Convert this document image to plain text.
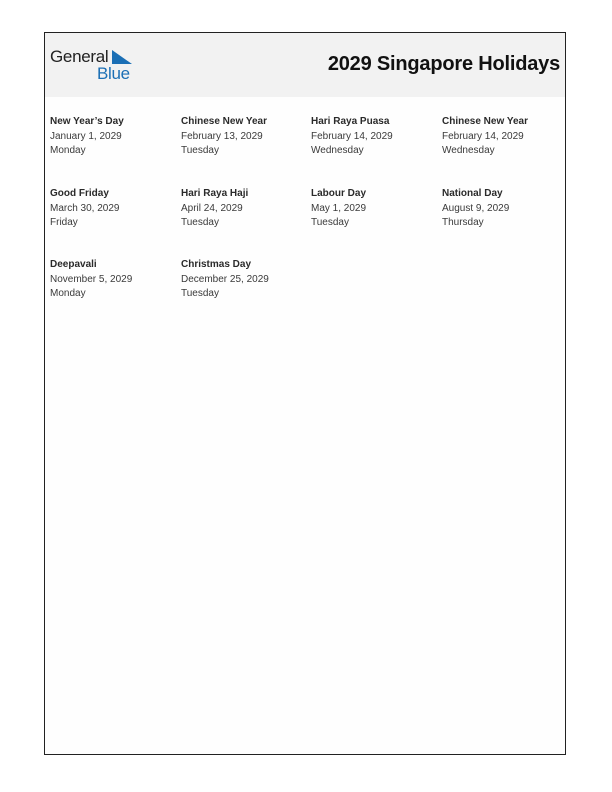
General
Blue	2029 Singapore Holidays
New Year’s Day
January 1, 2029
Monday
Chinese New Year
February 13, 2029
Tuesday
Hari Raya Puasa
February 14, 2029
Wednesday
Chinese New Year
February 14, 2029
Wednesday
Good Friday
March 30, 2029
Friday
Hari Raya Haji
April 24, 2029
Tuesday
Labour Day
May 1, 2029
Tuesday
National Day
August 9, 2029
Thursday
Deepavali
November 5, 2029
Monday
Christmas Day
December 25, 2029
Tuesday
